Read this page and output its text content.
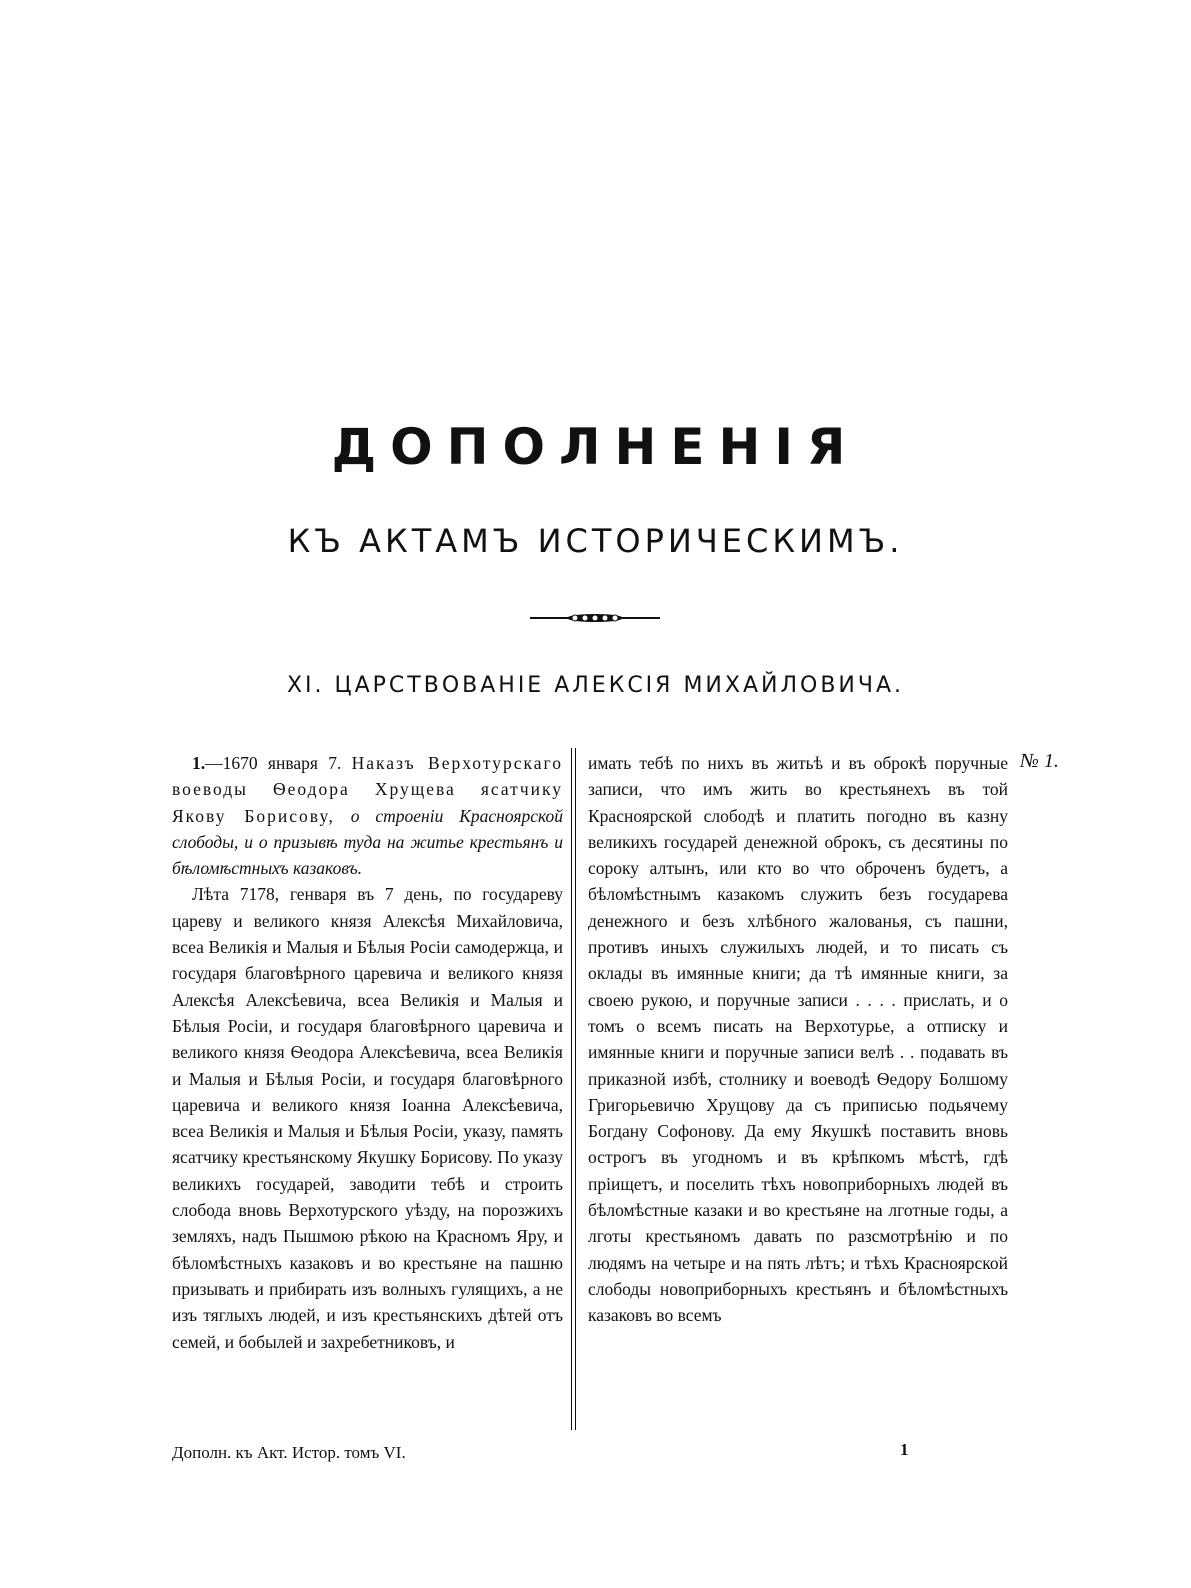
ДОПОЛНЕНІЯ
КЪ АКТАМЪ ИСТОРИЧЕСКИМЪ.
XI. ЦАРСТВОВАНІЕ АЛЕКСІЯ МИХАЙЛОВИЧА.

1.—1670 января 7. Наказъ Верхотурскаго воеводы Ѳеодора Хрущева ясатчику Якову Борисову, о строеніи Красноярской слободы, и о призывѣ туда на житье крестьянъ и бѣломѣстныхъ казаковъ.

Лѣта 7178, генваря въ 7 день, по государеву цареву и великого князя Алексѣя Михайловича, всеа Великія и Малыя и Бѣлыя Росіи самодержца, и государя благовѣрного царевича и великого князя Алексѣя Алексѣевича, всеа Великія и Малыя и Бѣлыя Росіи, и государя благовѣрного царевича и великого князя Ѳеодора Алексѣевича, всеа Великія и Малыя и Бѣлыя Росіи, и государя благовѣрного царевича и великого князя Іоанна Алексѣевича, всеа Великія и Малыя и Бѣлыя Росіи, указу, память ясатчику крестьянскому Якушку Борисову. По указу великихъ государей, заводити тебѣ и строить слобода вновь Верхотурского уѣзду, на порозжихъ земляхъ, надъ Пышмою рѣкою на Красномъ Яру, и бѣломѣстныхъ казаковъ и во крестьяне на пашню призывать и прибирать изъ волныхъ гулящихъ, а не изъ тяглыхъ людей, и изъ крестьянскихъ дѣтей отъ семей, и бобылей и захребетниковъ, и

имать тебѣ по нихъ въ житьѣ и въ оброкѣ поручные записи, что имъ жить во крестьянехъ въ той Красноярской слободѣ и платить погодно въ казну великихъ государей денежной оброкъ, съ десятины по сороку алтынъ, или кто во что оброченъ будетъ, а бѣломѣстнымъ казакомъ служить безъ государева денежного и безъ хлѣбного жалованья, съ пашни, противъ иныхъ служилыхъ людей, и то писать съ оклады въ имянные книги; да тѣ имянные книги, за своею рукою, и поручные записи . . . . прислать, и о томъ о всемъ писать на Верхотурье, а отписку и имянные книги и поручные записи велѣ . . подавать въ приказной избѣ, столнику и воеводѣ Ѳедору Болшому Григорьевичю Хрущову да съ приписью подьячему Богдану Софонову. Да ему Якушкѣ поставить вновь острогъ въ угодномъ и въ крѣпкомъ мѣстѣ, гдѣ пріищетъ, и поселить тѣхъ новоприборныхъ людей въ бѣломѣстные казаки и во крестьяне на лготные годы, а лготы крестьяномъ давать по разсмотрѣнію и по людямъ на четыре и на пять лѣтъ; и тѣхъ Красноярской слободы новоприборныхъ крестьянъ и бѣломѣстныхъ казаковъ во всемъ

№ 1.
Дополн. къ Акт. Истор. томъ VI.	1
